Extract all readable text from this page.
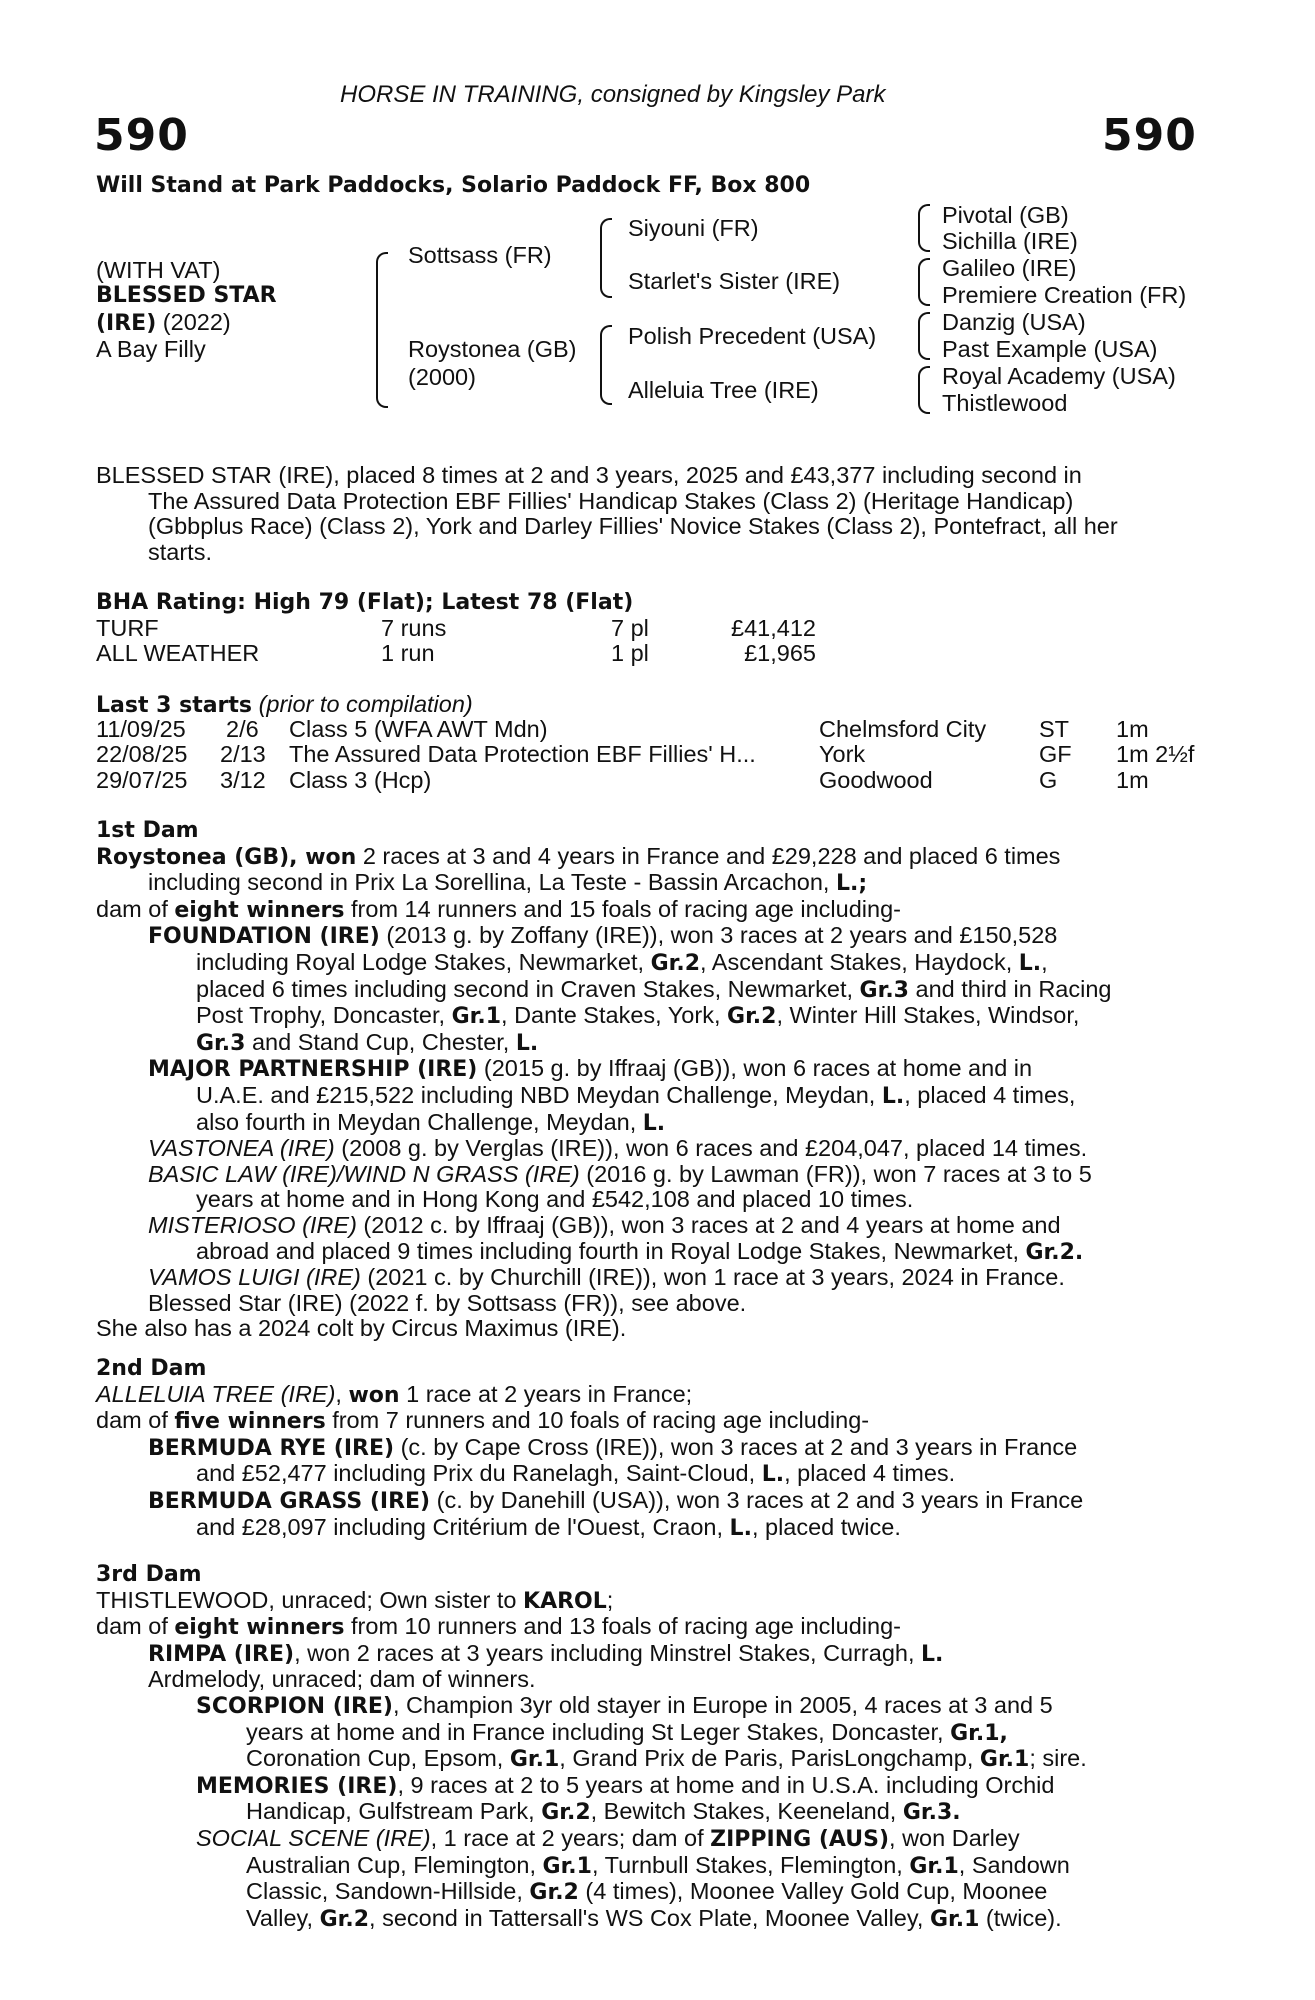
HORSE IN TRAINING, consigned by Kingsley Park
590	590
Will Stand at Park Paddocks, Solario Paddock FF, Box 800
(WITH VAT)
BLESSED STAR
(IRE) (2022)
A Bay Filly
Sottsass (FR)
Roystonea (GB)
(2000)
Siyouni (FR)
Starlet's Sister (IRE)
Polish Precedent (USA)
Alleluia Tree (IRE)
Pivotal (GB)
Sichilla (IRE)
Galileo (IRE)
Premiere Creation (FR)
Danzig (USA)
Past Example (USA)
Royal Academy (USA)
Thistlewood
BLESSED STAR (IRE), placed 8 times at 2 and 3 years, 2025 and £43,377 including second in
The Assured Data Protection EBF Fillies' Handicap Stakes (Class 2) (Heritage Handicap)
(Gbbplus Race) (Class 2), York and Darley Fillies' Novice Stakes (Class 2), Pontefract, all her
starts.
BHA Rating: High 79 (Flat); Latest 78 (Flat)
TURF	7 runs	7 pl	£41,412
ALL WEATHER	1 run	1 pl	£1,965
Last 3 starts (prior to compilation)
11/09/25 2/6 Class 5 (WFA AWT Mdn)	Chelmsford City ST 1m
22/08/25 2/13 The Assured Data Protection EBF Fillies' H...	York	GF 1m 2½f
29/07/25 3/12 Class 3 (Hcp)	Goodwood	G 1m
1st Dam
Roystonea (GB), won 2 races at 3 and 4 years in France and £29,228 and placed 6 times
including second in Prix La Sorellina, La Teste - Bassin Arcachon, L.;
dam of eight winners from 14 runners and 15 foals of racing age including-
FOUNDATION (IRE) (2013 g. by Zoffany (IRE)), won 3 races at 2 years and £150,528
including Royal Lodge Stakes, Newmarket, Gr.2, Ascendant Stakes, Haydock, L.,
placed 6 times including second in Craven Stakes, Newmarket, Gr.3 and third in Racing
Post Trophy, Doncaster, Gr.1, Dante Stakes, York, Gr.2, Winter Hill Stakes, Windsor,
Gr.3 and Stand Cup, Chester, L.
MAJOR PARTNERSHIP (IRE) (2015 g. by Iffraaj (GB)), won 6 races at home and in
U.A.E. and £215,522 including NBD Meydan Challenge, Meydan, L., placed 4 times,
also fourth in Meydan Challenge, Meydan, L.
VASTONEA (IRE) (2008 g. by Verglas (IRE)), won 6 races and £204,047, placed 14 times.
BASIC LAW (IRE)/WIND N GRASS (IRE) (2016 g. by Lawman (FR)), won 7 races at 3 to 5
years at home and in Hong Kong and £542,108 and placed 10 times.
MISTERIOSO (IRE) (2012 c. by Iffraaj (GB)), won 3 races at 2 and 4 years at home and
abroad and placed 9 times including fourth in Royal Lodge Stakes, Newmarket, Gr.2.
VAMOS LUIGI (IRE) (2021 c. by Churchill (IRE)), won 1 race at 3 years, 2024 in France.
Blessed Star (IRE) (2022 f. by Sottsass (FR)), see above.
She also has a 2024 colt by Circus Maximus (IRE).
2nd Dam
ALLELUIA TREE (IRE), won 1 race at 2 years in France;
dam of five winners from 7 runners and 10 foals of racing age including-
BERMUDA RYE (IRE) (c. by Cape Cross (IRE)), won 3 races at 2 and 3 years in France
and £52,477 including Prix du Ranelagh, Saint-Cloud, L., placed 4 times.
BERMUDA GRASS (IRE) (c. by Danehill (USA)), won 3 races at 2 and 3 years in France
and £28,097 including Critérium de l'Ouest, Craon, L., placed twice.
3rd Dam
THISTLEWOOD, unraced; Own sister to KAROL;
dam of eight winners from 10 runners and 13 foals of racing age including-
RIMPA (IRE), won 2 races at 3 years including Minstrel Stakes, Curragh, L.
Ardmelody, unraced; dam of winners.
SCORPION (IRE), Champion 3yr old stayer in Europe in 2005, 4 races at 3 and 5
years at home and in France including St Leger Stakes, Doncaster, Gr.1,
Coronation Cup, Epsom, Gr.1, Grand Prix de Paris, ParisLongchamp, Gr.1; sire.
MEMORIES (IRE), 9 races at 2 to 5 years at home and in U.S.A. including Orchid
Handicap, Gulfstream Park, Gr.2, Bewitch Stakes, Keeneland, Gr.3.
SOCIAL SCENE (IRE), 1 race at 2 years; dam of ZIPPING (AUS), won Darley
Australian Cup, Flemington, Gr.1, Turnbull Stakes, Flemington, Gr.1, Sandown
Classic, Sandown-Hillside, Gr.2 (4 times), Moonee Valley Gold Cup, Moonee
Valley, Gr.2, second in Tattersall's WS Cox Plate, Moonee Valley, Gr.1 (twice).
